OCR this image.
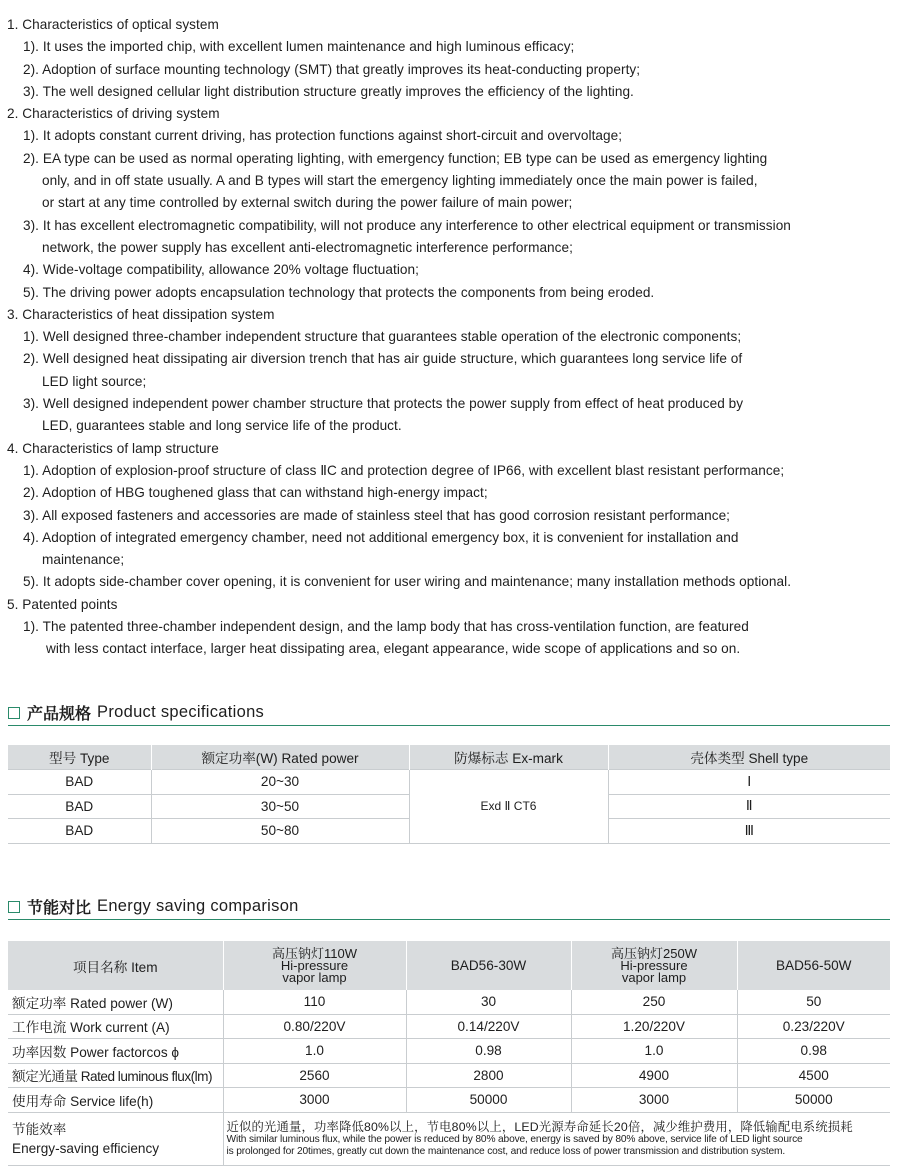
1. Characteristics of optical system
1). It uses the imported chip, with excellent lumen maintenance and high luminous efficacy;
2). Adoption of surface mounting technology (SMT) that greatly improves its heat-conducting property;
3). The well designed cellular light distribution structure greatly improves the efficiency of the lighting.
2. Characteristics of driving system
1). It adopts constant current driving, has protection functions against short-circuit and overvoltage;
2). EA type can be used as normal operating lighting, with emergency function; EB type can be used as emergency lighting
only, and in off state usually. A and B types will start the emergency lighting immediately once the main power is failed,
or start at any time controlled by external switch during the power failure of main power;
3). It has excellent electromagnetic compatibility, will not produce any interference to other electrical equipment or transmission
network, the power supply has excellent anti-electromagnetic interference performance;
4). Wide-voltage compatibility, allowance 20% voltage fluctuation;
5). The driving power adopts encapsulation technology that protects the components from being eroded.
3. Characteristics of heat dissipation system
1). Well designed three-chamber independent structure that guarantees stable operation of the electronic components;
2). Well designed heat dissipating air diversion trench that has air guide structure, which guarantees long service life of
LED light source;
3). Well designed independent power chamber structure that protects the power supply from effect of heat produced by
LED, guarantees stable and long service life of the product.
4. Characteristics of lamp structure
1). Adoption of explosion-proof structure of class ⅡC and protection degree of IP66, with excellent blast resistant performance;
2). Adoption of HBG toughened glass that can withstand high-energy impact;
3). All exposed fasteners and accessories are made of stainless steel that has good corrosion resistant performance;
4). Adoption of integrated emergency chamber, need not additional emergency box, it is convenient for installation and
maintenance;
5). It adopts side-chamber cover opening, it is convenient for user wiring and maintenance; many installation methods optional.
5. Patented points
1). The patented three-chamber independent design, and the lamp body that has cross-ventilation function, are featured
with less contact interface, larger heat dissipating area, elegant appearance, wide scope of applications and so on.
产品规格 Product specifications
型号 Type	额定功率(W) Rated power	防爆标志 Ex-mark	壳体类型 Shell type
BAD	20~30	Exd Ⅱ CT6	Ⅰ
BAD	30~50		Ⅱ
BAD	50~80		Ⅲ
节能对比 Energy saving comparison
项目名称 Item	高压钠灯110W
Hi-pressure
vapor lamp	BAD56-30W	高压钠灯250W
Hi-pressure
vapor lamp	BAD56-50W
额定功率 Rated power (W)	110	30	250	50
工作电流 Work current (A)	0.80/220V	0.14/220V	1.20/220V	0.23/220V
功率因数 Power factorcos ϕ	1.0	0.98	1.0	0.98
额定光通量 Rated luminous flux(lm)	2560	2800	4900	4500
使用寿命 Service life(h)	3000	50000	3000	50000
节能效率
Energy-saving efficiency	近似的光通量，功率降低80%以上，节电80%以上，LED光源寿命延长20倍，减少维护费用，降低输配电系统损耗
With similar luminous flux, while the power is reduced by 80% above, energy is saved by 80% above, service life of LED light source
is prolonged for 20times, greatly cut down the maintenance cost, and reduce loss of power transmission and distribution system.			
